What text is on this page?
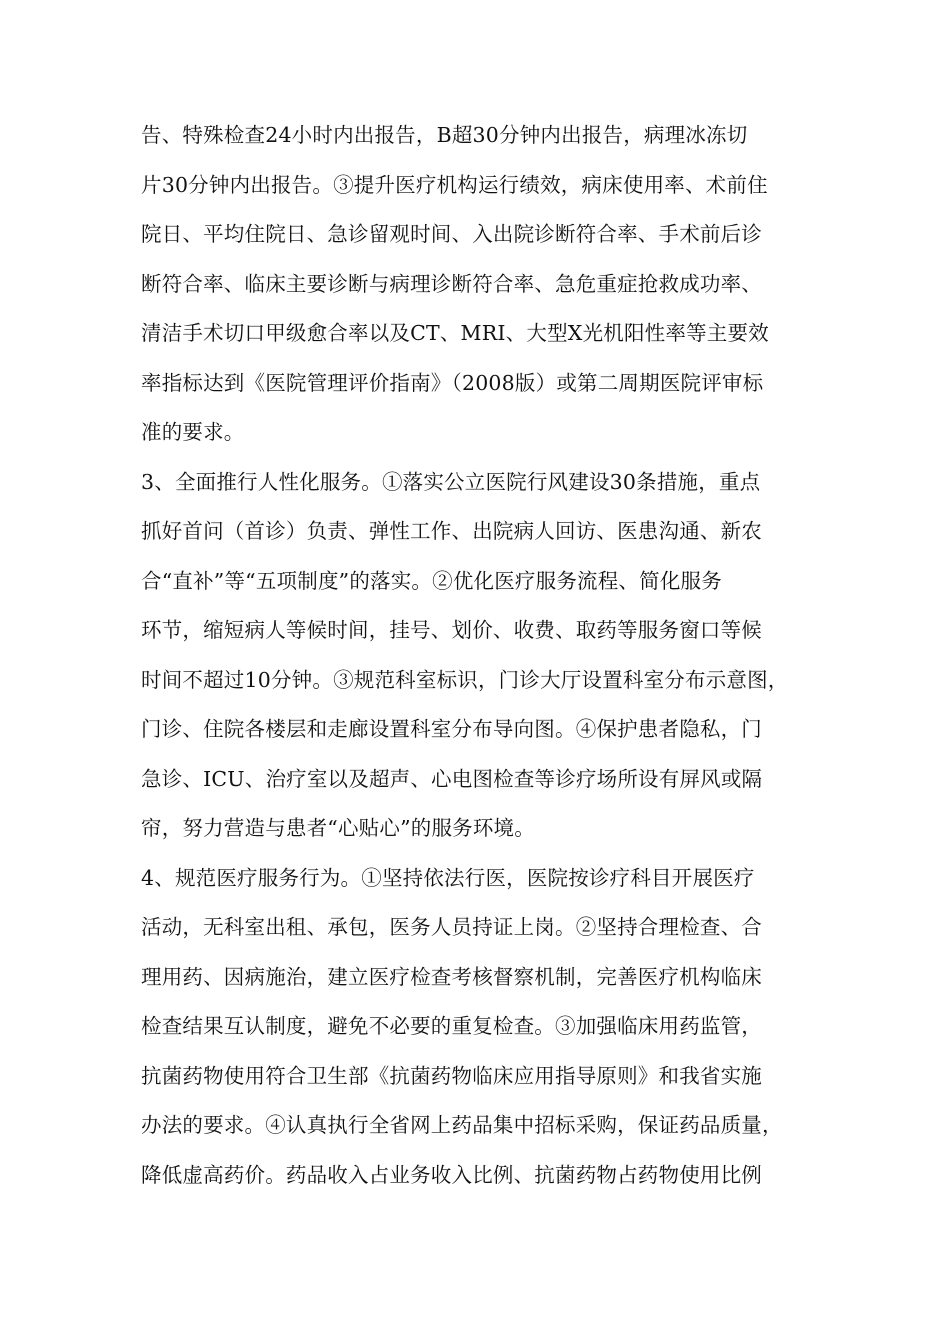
告、特殊检查24小时内出报告，B超30分钟内出报告，病理冰冻切
片30分钟内出报告。③提升医疗机构运行绩效，病床使用率、术前住
院日、平均住院日、急诊留观时间、入出院诊断符合率、手术前后诊
断符合率、临床主要诊断与病理诊断符合率、急危重症抢救成功率、
清洁手术切口甲级愈合率以及CT、MRI、大型X光机阳性率等主要效
率指标达到《医院管理评价指南》（2008版）或第二周期医院评审标
准的要求。
3、全面推行人性化服务。①落实公立医院行风建设30条措施，重点
抓好首问（首诊）负责、弹性工作、出院病人回访、医患沟通、新农
合“直补”等“五项制度”的落实。②优化医疗服务流程、简化服务
环节，缩短病人等候时间，挂号、划价、收费、取药等服务窗口等候
时间不超过10分钟。③规范科室标识，门诊大厅设置科室分布示意图，
门诊、住院各楼层和走廊设置科室分布导向图。④保护患者隐私，门
急诊、ICU、治疗室以及超声、心电图检查等诊疗场所设有屏风或隔
帘，努力营造与患者“心贴心”的服务环境。
4、规范医疗服务行为。①坚持依法行医，医院按诊疗科目开展医疗
活动，无科室出租、承包，医务人员持证上岗。②坚持合理检查、合
理用药、因病施治，建立医疗检查考核督察机制，完善医疗机构临床
检查结果互认制度，避免不必要的重复检查。③加强临床用药监管，
抗菌药物使用符合卫生部《抗菌药物临床应用指导原则》和我省实施
办法的要求。④认真执行全省网上药品集中招标采购，保证药品质量，
降低虚高药价。药品收入占业务收入比例、抗菌药物占药物使用比例
